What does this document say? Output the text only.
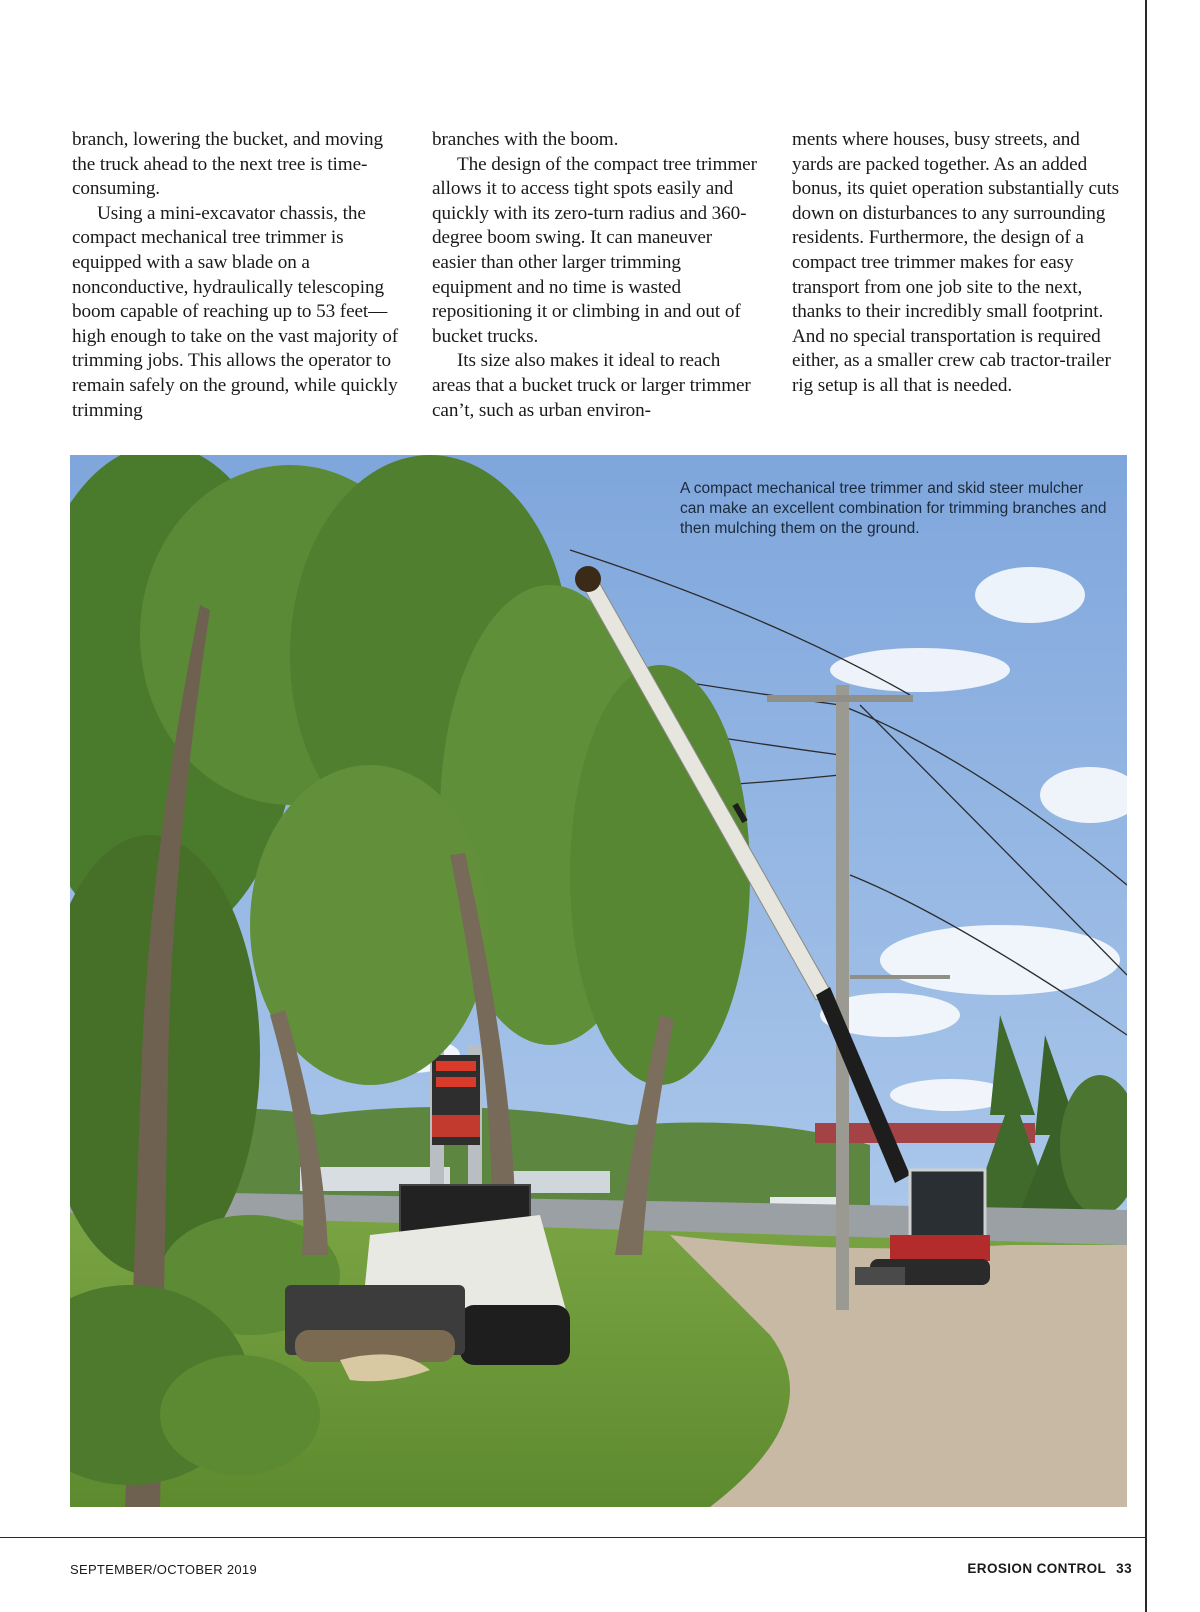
branch, lowering the bucket, and moving the truck ahead to the next tree is time-consuming.

Using a mini-excavator chassis, the compact mechanical tree trimmer is equipped with a saw blade on a nonconductive, hydraulically telescoping boom capable of reaching up to 53 feet—high enough to take on the vast majority of trimming jobs. This allows the operator to remain safely on the ground, while quickly trimming

branches with the boom.

The design of the compact tree trimmer allows it to access tight spots easily and quickly with its zero-turn radius and 360-degree boom swing. It can maneuver easier than other larger trimming equipment and no time is wasted repositioning it or climbing in and out of bucket trucks.

Its size also makes it ideal to reach areas that a bucket truck or larger trimmer can’t, such as urban environ-

ments where houses, busy streets, and yards are packed together. As an added bonus, its quiet operation substantially cuts down on disturbances to any surrounding residents. Furthermore, the design of a compact tree trimmer makes for easy transport from one job site to the next, thanks to their incredibly small footprint. And no special transportation is required either, as a smaller crew cab tractor-trailer rig setup is all that is needed.

A compact mechanical tree trimmer and skid steer mulcher can make an excellent combination for trimming branches and then mulching them on the ground.
SEPTEMBER/OCTOBER 2019	EROSION CONTROL 33
